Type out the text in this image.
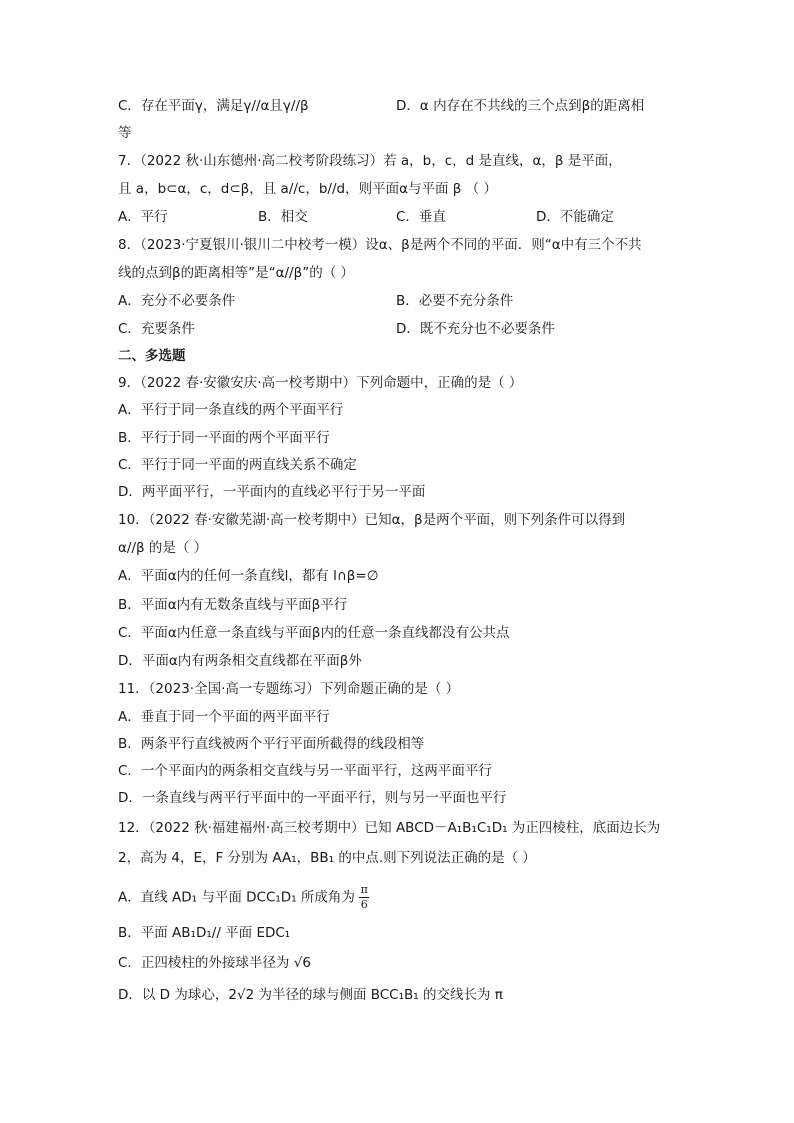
C．存在平面γ，满足γ//α且γ//β	D．α 内存在不共线的三个点到β的距离相
等
7．（2022 秋·山东德州·高二校考阶段练习）若 a，b，c，d 是直线，α，β 是平面，
且 a，b⊂α，c，d⊂β，且 a//c，b//d，则平面α与平面 β （ ）
A．平行	B．相交	C．垂直	D．不能确定
8．（2023·宁夏银川·银川二中校考一模）设α、β是两个不同的平面．则“α中有三个不共
线的点到β的距离相等”是“α//β”的（ ）
A．充分不必要条件	B．必要不充分条件
C．充要条件	D．既不充分也不必要条件
二、多选题
9．（2022 春·安徽安庆·高一校考期中）下列命题中，正确的是（ ）
A．平行于同一条直线的两个平面平行
B．平行于同一平面的两个平面平行
C．平行于同一平面的两直线关系不确定
D．两平面平行，一平面内的直线必平行于另一平面
10．（2022 春·安徽芜湖·高一校考期中）已知α，β是两个平面，则下列条件可以得到
α//β 的是（ ）
A．平面α内的任何一条直线l，都有 l∩β=∅
B．平面α内有无数条直线与平面β平行
C．平面α内任意一条直线与平面β内的任意一条直线都没有公共点
D．平面α内有两条相交直线都在平面β外
11．（2023·全国·高一专题练习）下列命题正确的是（ ）
A．垂直于同一个平面的两平面平行
B．两条平行直线被两个平行平面所截得的线段相等
C．一个平面内的两条相交直线与另一平面平行，这两平面平行
D．一条直线与两平行平面中的一平面平行，则与另一平面也平行
12．（2022 秋·福建福州·高三校考期中）已知 ABCD－A₁B₁C₁D₁ 为正四棱柱，底面边长为
2，高为 4，E，F 分别为 AA₁，BB₁ 的中点.则下列说法正确的是（ ）
A．直线 AD₁ 与平面 DCC₁D₁ 所成角为 $\frac{\pi}{6}$
B．平面 AB₁D₁// 平面 EDC₁
C．正四棱柱的外接球半径为 √6
D．以 D 为球心，2√2 为半径的球与侧面 BCC₁B₁ 的交线长为 π
